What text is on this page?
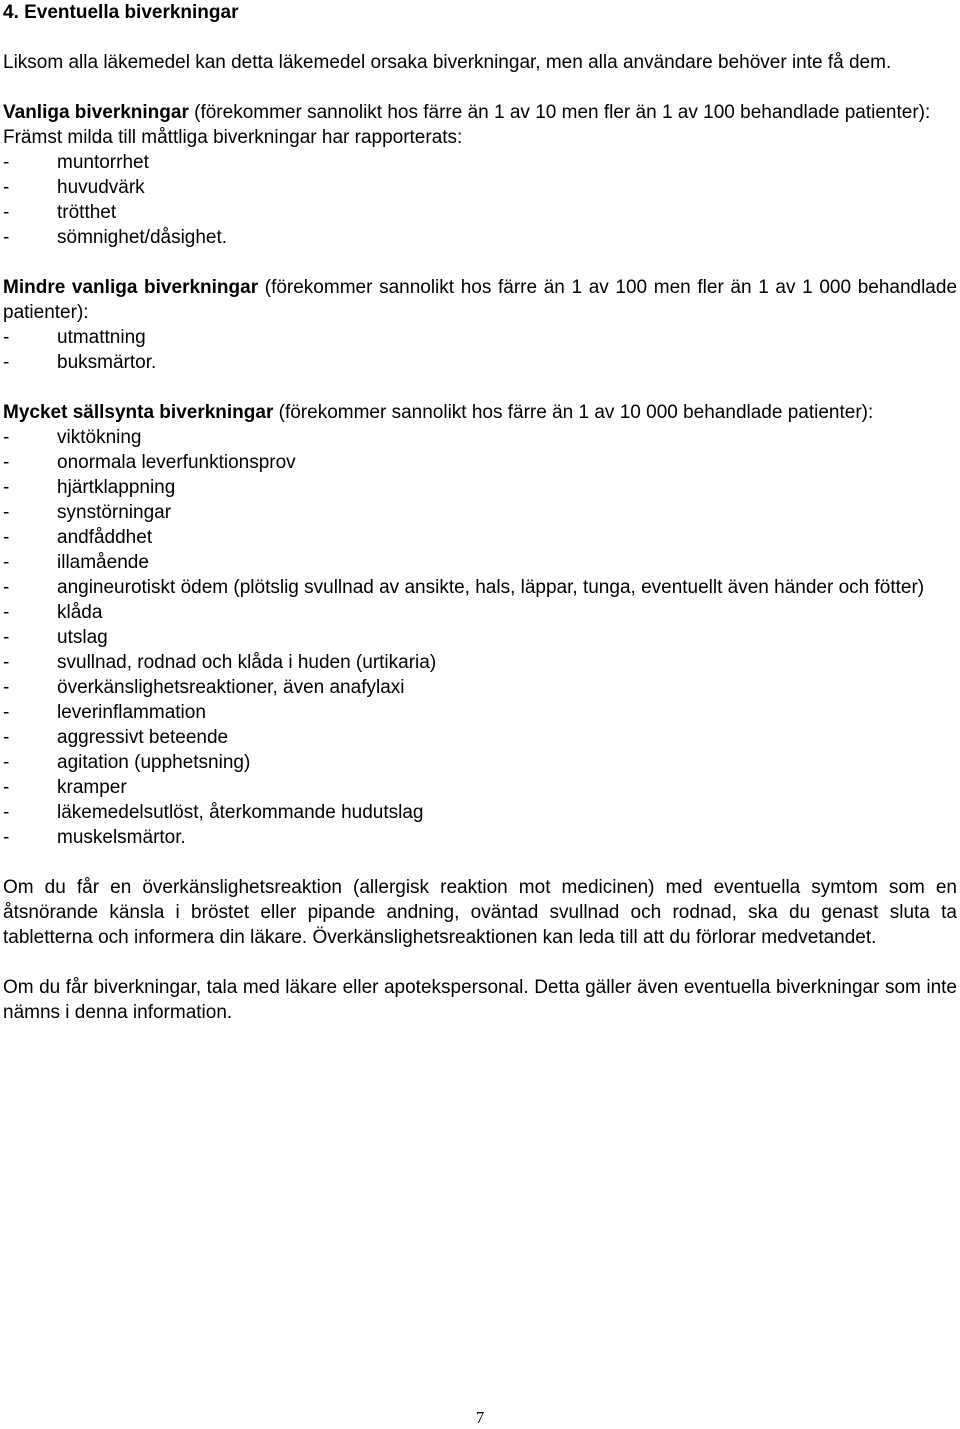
4. Eventuella biverkningar

Liksom alla läkemedel kan detta läkemedel orsaka biverkningar, men alla användare behöver inte få dem.

Vanliga biverkningar (förekommer sannolikt hos färre än 1 av 10 men fler än 1 av 100 behandlade patienter):

Främst milda till måttliga biverkningar har rapporterats:

-	muntorrhet
-	huvudvärk
-	trötthet
-	sömnighet/dåsighet.

Mindre vanliga biverkningar (förekommer sannolikt hos färre än 1 av 100 men fler än 1 av 1 000 behandlade patienter):

-	utmattning
-	buksmärtor.

Mycket sällsynta biverkningar (förekommer sannolikt hos färre än 1 av 10 000 behandlade patienter):

-	viktökning
-	onormala leverfunktionsprov
-	hjärtklappning
-	synstörningar
-	andfåddhet
-	illamående
-	angineurotiskt ödem (plötslig svullnad av ansikte, hals, läppar, tunga, eventuellt även händer och fötter)
-	klåda
-	utslag
-	svullnad, rodnad och klåda i huden (urtikaria)
-	överkänslighetsreaktioner, även anafylaxi
-	leverinflammation
-	aggressivt beteende
-	agitation (upphetsning)
-	kramper
-	läkemedelsutlöst, återkommande hudutslag
-	muskelsmärtor.

Om du får en överkänslighetsreaktion (allergisk reaktion mot medicinen) med eventuella symtom som en åtsnörande känsla i bröstet eller pipande andning, oväntad svullnad och rodnad, ska du genast sluta ta tabletterna och informera din läkare. Överkänslighetsreaktionen kan leda till att du förlorar medvetandet.

Om du får biverkningar, tala med läkare eller apotekspersonal. Detta gäller även eventuella biverkningar som inte nämns i denna information.

7
